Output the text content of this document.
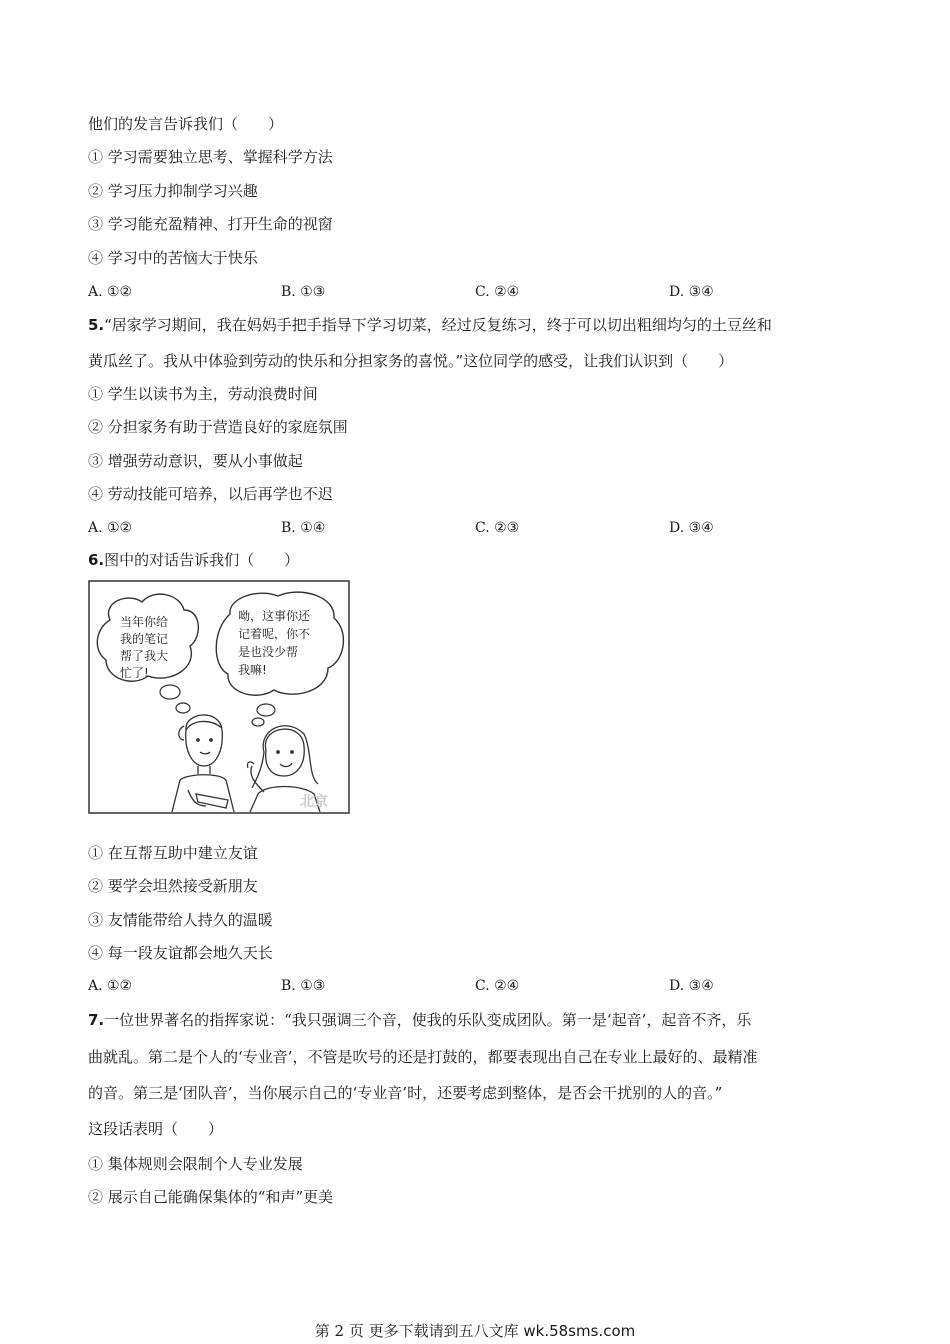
他们的发言告诉我们（　　）
① 学习需要独立思考、掌握科学方法
② 学习压力抑制学习兴趣
③ 学习能充盈精神、打开生命的视窗
④ 学习中的苦恼大于快乐
A. ①②	B. ①③	C. ②④	D. ③④
5.“居家学习期间，我在妈妈手把手指导下学习切菜，经过反复练习，终于可以切出粗细均匀的土豆丝和
黄瓜丝了。我从中体验到劳动的快乐和分担家务的喜悦。”这位同学的感受，让我们认识到（　　）
① 学生以读书为主，劳动浪费时间
② 分担家务有助于营造良好的家庭氛围
③ 增强劳动意识，要从小事做起
④ 劳动技能可培养，以后再学也不迟
A. ①②	B. ①④	C. ②③	D. ③④
6.图中的对话告诉我们（　　）
当年你给
我的笔记
帮了我大
忙了!
呦，这事你还
记着呢，你不
是也没少帮
我嘛!
北京
① 在互帮互助中建立友谊
② 要学会坦然接受新朋友
③ 友情能带给人持久的温暖
④ 每一段友谊都会地久天长
A. ①②	B. ①③	C. ②④	D. ③④
7.一位世界著名的指挥家说：“我只强调三个音，使我的乐队变成团队。第一是‘起音’，起音不齐，乐
曲就乱。第二是个人的‘专业音’，不管是吹号的还是打鼓的，都要表现出自己在专业上最好的、最精准
的音。第三是‘团队音’，当你展示自己的‘专业音’时，还要考虑到整体，是否会干扰别的人的音。”
这段话表明（　　）
① 集体规则会限制个人专业发展
② 展示自己能确保集体的“和声”更美
第 2 页 更多下载请到五八文库 wk.58sms.com
